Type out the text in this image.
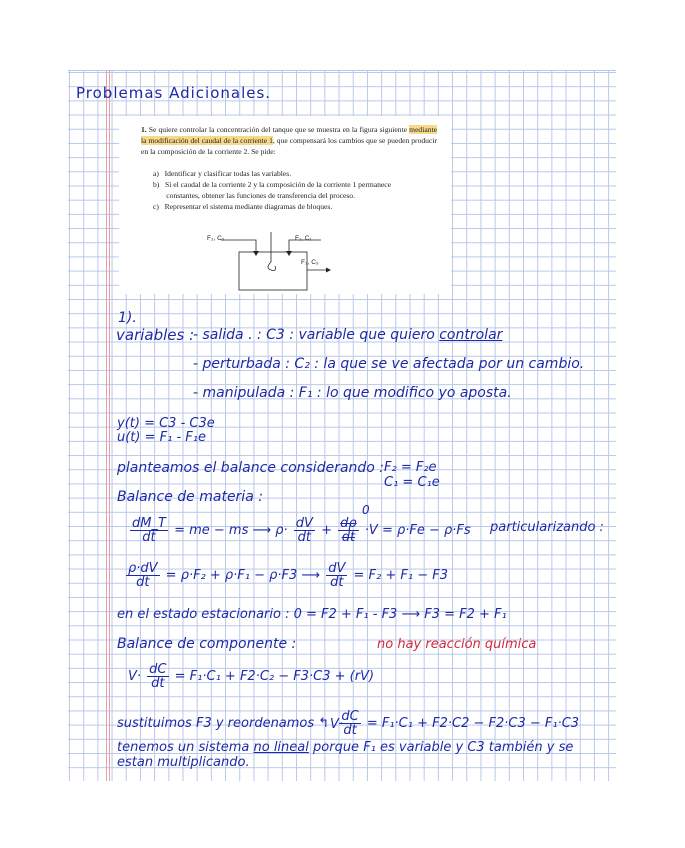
Problemas Adicionales.

1. Se quiere controlar la concentración del tanque que se muestra en la figura siguiente mediante la modificación del caudal de la corriente 1, que compensará los cambios que se pueden producir en la composición de la corriente 2. Se pide:

a)   Identificar y clasificar todas las variables.

b)   Si el caudal de la corriente 2 y la composición de la corriente 1 permanece

constantes, obtener las funciones de transferencia del proceso.

c)   Representar el sistema mediante diagramas de bloques.

F₂, C₂	F₁, C₁
F₃, C₃
1).
variables :
- salida . : C3 : variable que quiero controlar
- perturbada : C₂ : la que se ve afectada por un cambio.
- manipulada : F₁ : lo que modifico yo aposta.
y(t) = C3 - C3e
u(t) = F₁ - F₁e
planteamos el balance considerando : F₂ = F₂e
C₁ = C₁e
Balance de materia :
0
$\frac{dM\_T}{dt}$ = me − ms ⟶ $\rho\cdot \frac{dV}{dt} + \frac{d\rho}{dt} \cdot V = \rho\cdot Fe - \rho\cdot Fs$ particularizando :
$\frac{\rho\cdot dV}{dt} = \rho\cdot F_2 + \rho\cdot F_1 - \rho\cdot F3$ ⟶ $\frac{dV}{dt} = F_2 + F_1 - F3$
en el estado estacionario : 0 = F2 + F₁ - F3 ⟶ F3 = F2 + F₁
Balance de componente :	no hay reacción química
$V\cdot \frac{dC}{dt} = F_1\cdot C_1 + F2\cdot C_2 - F3\cdot C3 + (rV)$
sustituimos F3 y reordenamos ↰ $\frac{dC}{dt} = F_1\cdot C_1 + F2\cdot C2 - F2\cdot C3 - F_1\cdot C3$
V·
tenemos un sistema no lineal porque F₁ es variable y C3 también y se
estan multiplicando.
